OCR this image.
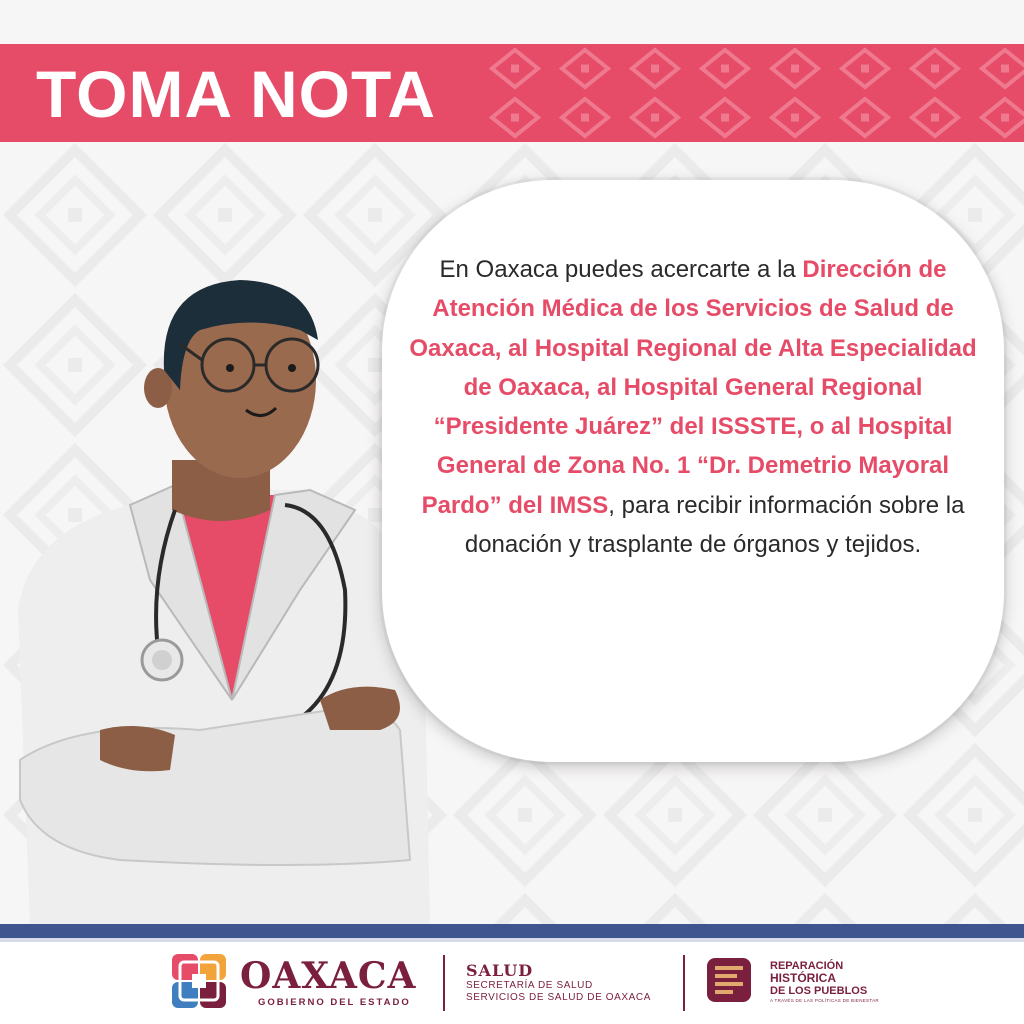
TOMA NOTA

En Oaxaca puedes acercarte a la Dirección de Atención Médica de los Servicios de Salud de Oaxaca, al Hospital Regional de Alta Especialidad de Oaxaca, al Hospital General Regional “Presidente Juárez” del ISSSTE, o al Hospital General de Zona No. 1 “Dr. Demetrio Mayoral Pardo” del IMSS, para recibir información sobre la donación y trasplante de órganos y tejidos.

OAXACA
GOBIERNO DEL ESTADO
SALUD
SECRETARÍA DE SALUD
SERVICIOS DE SALUD DE OAXACA
REPARACIÓN
HISTÓRICA
DE LOS PUEBLOS
A TRAVÉS DE LAS POLÍTICAS DE BIENESTAR
